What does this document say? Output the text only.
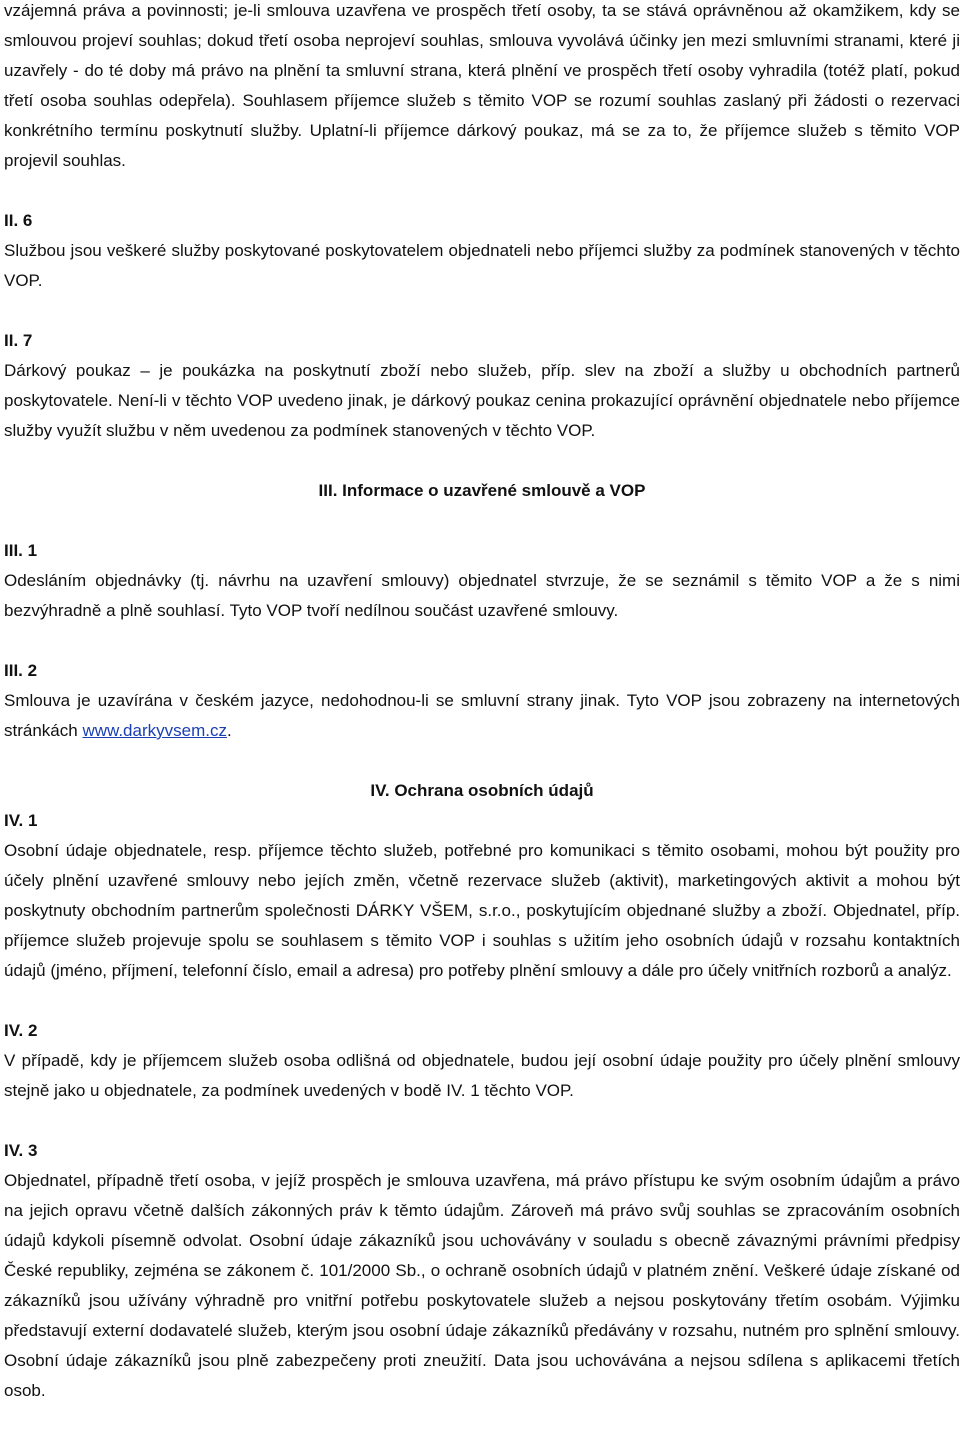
vzájemná práva a povinnosti; je-li smlouva uzavřena ve prospěch třetí osoby, ta se stává oprávněnou až okamžikem, kdy se smlouvou projeví souhlas; dokud třetí osoba neprojeví souhlas, smlouva vyvolává účinky jen mezi smluvními stranami, které ji uzavřely - do té doby má právo na plnění ta smluvní strana, která plnění ve prospěch třetí osoby vyhradila (totéž platí, pokud třetí osoba souhlas odepřela). Souhlasem příjemce služeb s těmito VOP se rozumí souhlas zaslaný při žádosti o rezervaci konkrétního termínu poskytnutí služby. Uplatní-li příjemce dárkový poukaz, má se za to, že příjemce služeb s těmito VOP projevil souhlas.

II. 6

Službou jsou veškeré služby poskytované poskytovatelem objednateli nebo příjemci služby za podmínek stanovených v těchto VOP.

II. 7

Dárkový poukaz – je poukázka na poskytnutí zboží nebo služeb, příp. slev na zboží a služby u obchodních partnerů poskytovatele. Není-li v těchto VOP uvedeno jinak, je dárkový poukaz cenina prokazující oprávnění objednatele nebo příjemce služby využít službu v něm uvedenou za podmínek stanovených v těchto VOP.

III. Informace o uzavřené smlouvě a VOP

III. 1

Odesláním objednávky (tj. návrhu na uzavření smlouvy) objednatel stvrzuje, že se seznámil s těmito VOP a že s nimi bezvýhradně a plně souhlasí. Tyto VOP tvoří nedílnou součást uzavřené smlouvy.

III. 2

Smlouva je uzavírána v českém jazyce, nedohodnou-li se smluvní strany jinak. Tyto VOP jsou zobrazeny na internetových stránkách www.darkyvsem.cz.

IV. Ochrana osobních údajů

IV. 1

Osobní údaje objednatele, resp. příjemce těchto služeb, potřebné pro komunikaci s těmito osobami, mohou být použity pro účely plnění uzavřené smlouvy nebo jejích změn, včetně rezervace služeb (aktivit), marketingových aktivit a mohou být poskytnuty obchodním partnerům společnosti DÁRKY VŠEM, s.r.o., poskytujícím objednané služby a zboží. Objednatel, příp. příjemce služeb projevuje spolu se souhlasem s těmito VOP i souhlas s užitím jeho osobních údajů v rozsahu kontaktních údajů (jméno, příjmení, telefonní číslo, email a adresa) pro potřeby plnění smlouvy a dále pro účely vnitřních rozborů a analýz.

IV. 2

V případě, kdy je příjemcem služeb osoba odlišná od objednatele, budou její osobní údaje použity pro účely plnění smlouvy stejně jako u objednatele, za podmínek uvedených v bodě IV. 1 těchto VOP.

IV. 3

Objednatel, případně třetí osoba, v jejíž prospěch je smlouva uzavřena, má právo přístupu ke svým osobním údajům a právo na jejich opravu včetně dalších zákonných práv k těmto údajům. Zároveň má právo svůj souhlas se zpracováním osobních údajů kdykoli písemně odvolat. Osobní údaje zákazníků jsou uchovávány v souladu s obecně závaznými právními předpisy České republiky, zejména se zákonem č. 101/2000 Sb., o ochraně osobních údajů v platném znění. Veškeré údaje získané od zákazníků jsou užívány výhradně pro vnitřní potřebu poskytovatele služeb a nejsou poskytovány třetím osobám. Výjimku představují externí dodavatelé služeb, kterým jsou osobní údaje zákazníků předávány v rozsahu, nutném pro splnění smlouvy. Osobní údaje zákazníků jsou plně zabezpečeny proti zneužití. Data jsou uchovávána a nejsou sdílena s aplikacemi třetích osob.
